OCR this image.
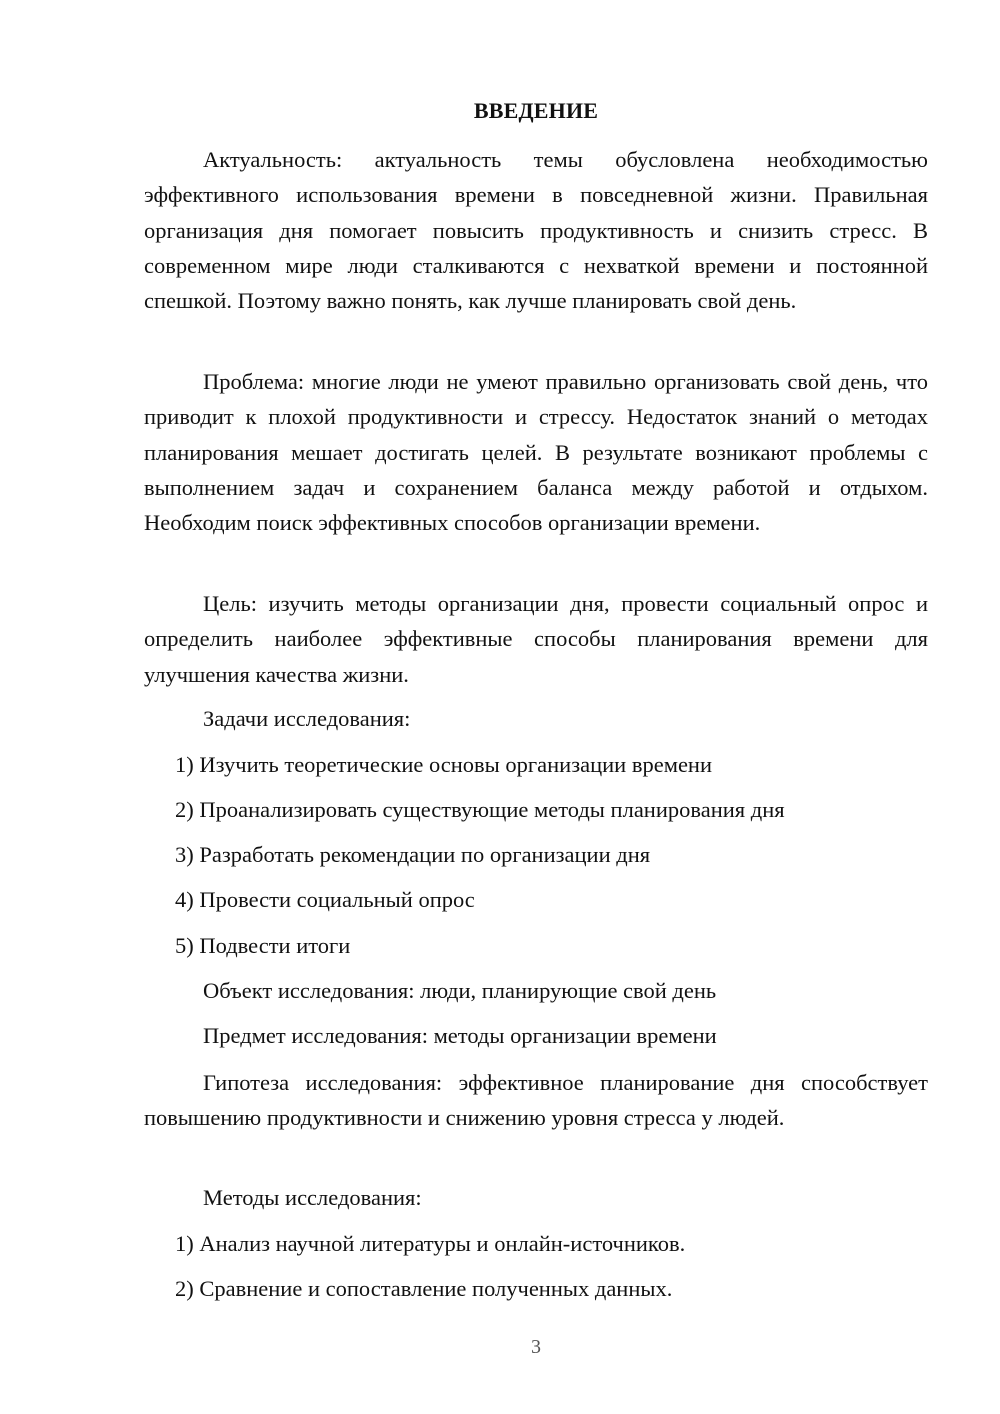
ВВЕДЕНИЕ

Актуальность: актуальность темы обусловлена необходимостью эффективного использования времени в повседневной жизни. Правильная организация дня помогает повысить продуктивность и снизить стресс. В современном мире люди сталкиваются с нехваткой времени и постоянной спешкой. Поэтому важно понять, как лучше планировать свой день.

Проблема: многие люди не умеют правильно организовать свой день, что приводит к плохой продуктивности и стрессу. Недостаток знаний о методах планирования мешает достигать целей. В результате возникают проблемы с выполнением задач и сохранением баланса между работой и отдыхом. Необходим поиск эффективных способов организации времени.

Цель: изучить методы организации дня, провести социальный опрос и определить наиболее эффективные способы планирования времени для улучшения качества жизни.

Задачи исследования:
1) Изучить теоретические основы организации времени
2) Проанализировать существующие методы планирования дня
3) Разработать рекомендации по организации дня
4) Провести социальный опрос
5) Подвести итоги
Объект исследования: люди, планирующие свой день
Предмет исследования: методы организации времени

Гипотеза исследования: эффективное планирование дня способствует повышению продуктивности и снижению уровня стресса у людей.

Методы исследования:
1) Анализ научной литературы и онлайн-источников.
2) Сравнение и сопоставление полученных данных.
3
